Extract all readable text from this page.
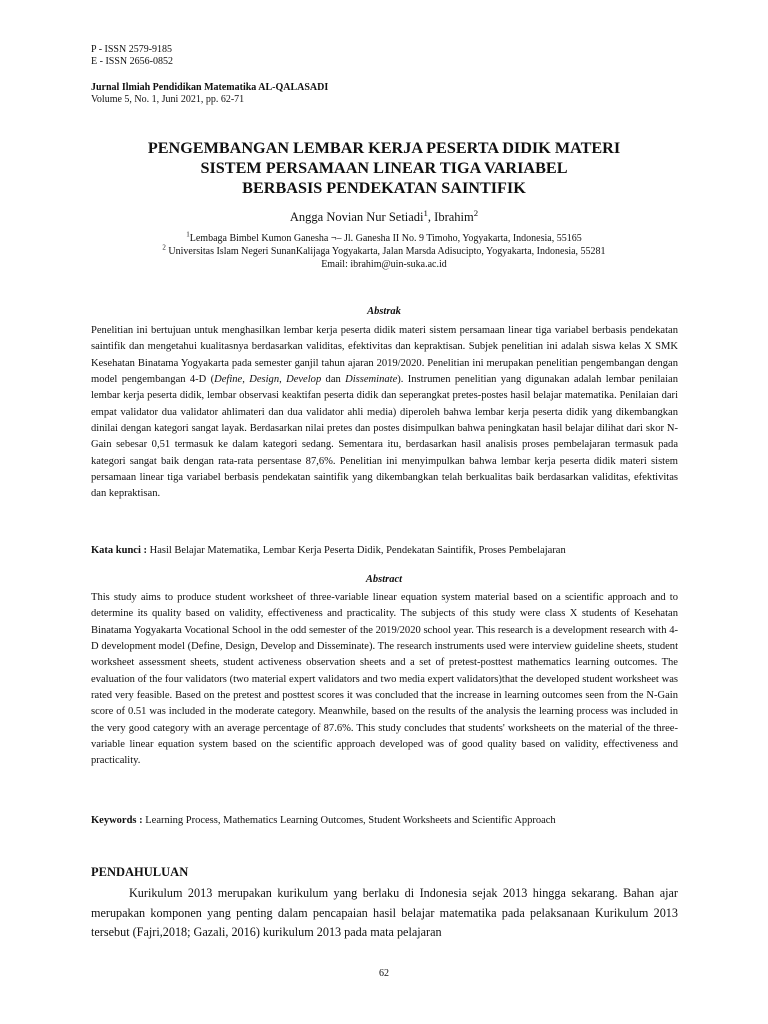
P - ISSN 2579-9185
E - ISSN 2656-0852
Jurnal Ilmiah Pendidikan Matematika AL-QALASADI
Volume 5, No. 1, Juni 2021, pp. 62-71
PENGEMBANGAN LEMBAR KERJA PESERTA DIDIK MATERI
SISTEM PERSAMAAN LINEAR TIGA VARIABEL
BERBASIS PENDEKATAN SAINTIFIK
Angga Novian Nur Setiadi$^1$, Ibrahim$^2$
$^1$Lembaga Bimbel Kumon Ganesha ¬– Jl. Ganesha II No. 9 Timoho, Yogyakarta, Indonesia, 55165
$^2$ Universitas Islam Negeri SunanKalijaga Yogyakarta, Jalan Marsda Adisucipto, Yogyakarta, Indonesia, 55281
Email: ibrahim@uin-suka.ac.id
Abstrak
Penelitian ini bertujuan untuk menghasilkan lembar kerja peserta didik materi sistem persamaan linear tiga variabel berbasis pendekatan saintifik dan mengetahui kualitasnya berdasarkan validitas, efektivitas dan kepraktisan. Subjek penelitian ini adalah siswa kelas X SMK Kesehatan Binatama Yogyakarta pada semester ganjil tahun ajaran 2019/2020. Penelitian ini merupakan penelitian pengembangan dengan model pengembangan 4-D (Define, Design, Develop dan Disseminate). Instrumen penelitian yang digunakan adalah lembar penilaian lembar kerja peserta didik, lembar observasi keaktifan peserta didik dan seperangkat pretes-postes hasil belajar matematika. Penilaian dari empat validator dua validator ahlimateri dan dua validator ahli media) diperoleh bahwa lembar kerja peserta didik yang dikembangkan dinilai dengan kategori sangat layak. Berdasarkan nilai pretes dan postes disimpulkan bahwa peningkatan hasil belajar dilihat dari skor N-Gain sebesar 0,51 termasuk ke dalam kategori sedang. Sementara itu, berdasarkan hasil analisis proses pembelajaran termasuk pada kategori sangat baik dengan rata-rata persentase 87,6%. Penelitian ini menyimpulkan bahwa lembar kerja peserta didik materi sistem persamaan linear tiga variabel berbasis pendekatan saintifik yang dikembangkan telah berkualitas baik berdasarkan validitas, efektivitas dan kepraktisan.
Kata kunci : Hasil Belajar Matematika, Lembar Kerja Peserta Didik, Pendekatan Saintifik, Proses Pembelajaran
Abstract
This study aims to produce student worksheet of three-variable linear equation system material based on a scientific approach and to determine its quality based on validity, effectiveness and practicality. The subjects of this study were class X students of Kesehatan Binatama Yogyakarta Vocational School in the odd semester of the 2019/2020 school year. This research is a development research with 4-D development model (Define, Design, Develop and Disseminate). The research instruments used were interview guideline sheets, student worksheet assessment sheets, student activeness observation sheets and a set of pretest-posttest mathematics learning outcomes. The evaluation of the four validators (two material expert validators and two media expert validators)that the developed student worksheet was rated very feasible. Based on the pretest and posttest scores it was concluded that the increase in learning outcomes seen from the N-Gain score of 0.51 was included in the moderate category. Meanwhile, based on the results of the analysis the learning process was included in the very good category with an average percentage of 87.6%. This study concludes that students' worksheets on the material of the three-variable linear equation system based on the scientific approach developed was of good quality based on validity, effectiveness and practicality.
Keywords : Learning Process, Mathematics Learning Outcomes, Student Worksheets and Scientific Approach
PENDAHULUAN
Kurikulum 2013 merupakan kurikulum yang berlaku di Indonesia sejak 2013 hingga sekarang. Bahan ajar merupakan komponen yang penting dalam pencapaian hasil belajar matematika pada pelaksanaan Kurikulum 2013 tersebut (Fajri,2018; Gazali, 2016) kurikulum 2013 pada mata pelajaran
62
